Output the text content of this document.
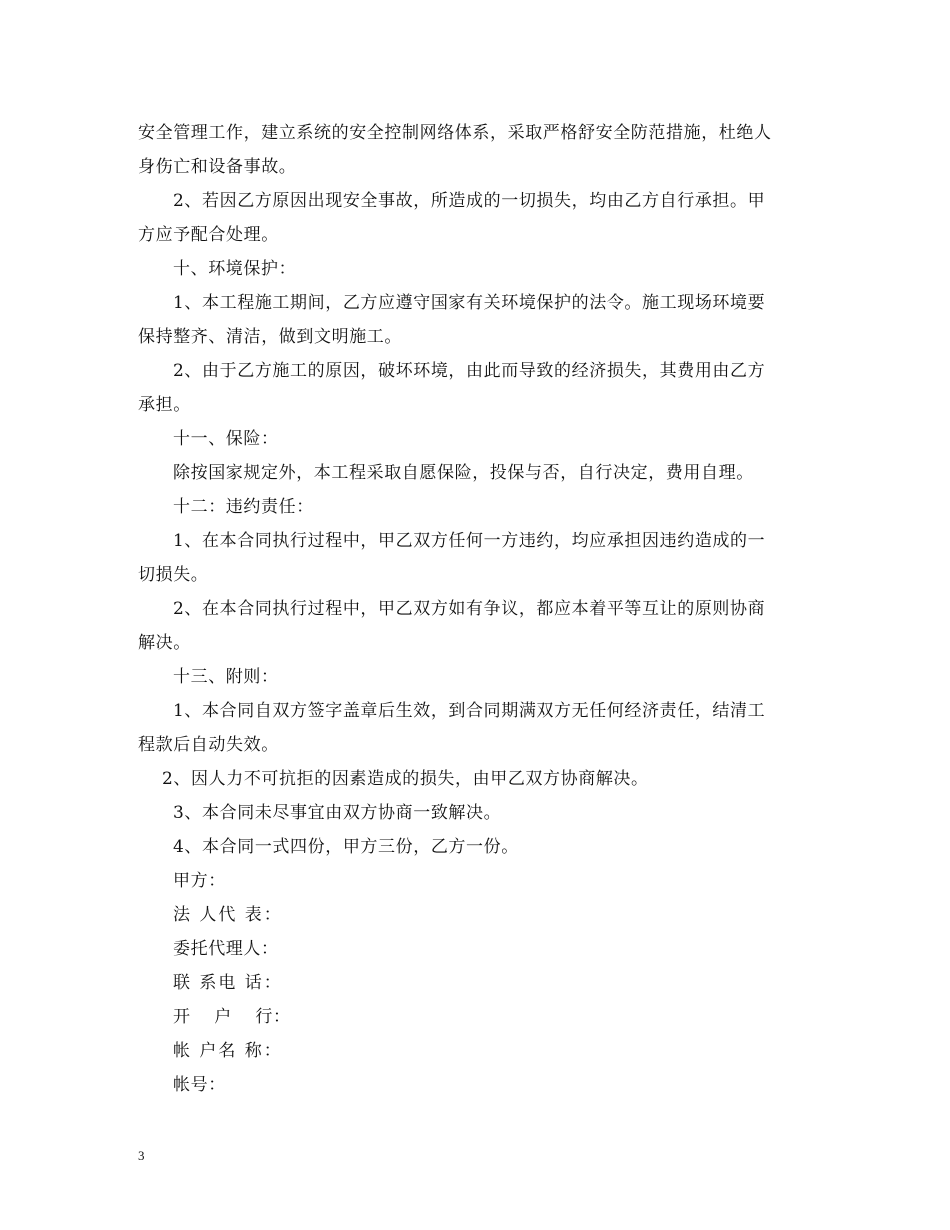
安全管理工作，建立系统的安全控制网络体系，采取严格舒安全防范措施，杜绝人
身伤亡和设备事故。
2、若因乙方原因出现安全事故，所造成的一切损失，均由乙方自行承担。甲
方应予配合处理。
十、环境保护：
1、本工程施工期间，乙方应遵守国家有关环境保护的法令。施工现场环境要
保持整齐、清洁，做到文明施工。
2、由于乙方施工的原因，破坏环境，由此而导致的经济损失，其费用由乙方
承担。
十一、保险：
除按国家规定外，本工程采取自愿保险，投保与否，自行决定，费用自理。
十二：违约责任：
1、在本合同执行过程中，甲乙双方任何一方违约，均应承担因违约造成的一
切损失。
2、在本合同执行过程中，甲乙双方如有争议，都应本着平等互让的原则协商
解决。
十三、附则：
1、本合同自双方签字盖章后生效，到合同期满双方无任何经济责任，结清工
程款后自动失效。
2、因人力不可抗拒的因素造成的损失，由甲乙双方协商解决。
3、本合同未尽事宜由双方协商一致解决。
4、本合同一式四份，甲方三份，乙方一份。
甲方：
法 人代 表：
委托代理人：
联 系电 话：
开　 户　 行：
帐 户名 称：
帐号：
3
